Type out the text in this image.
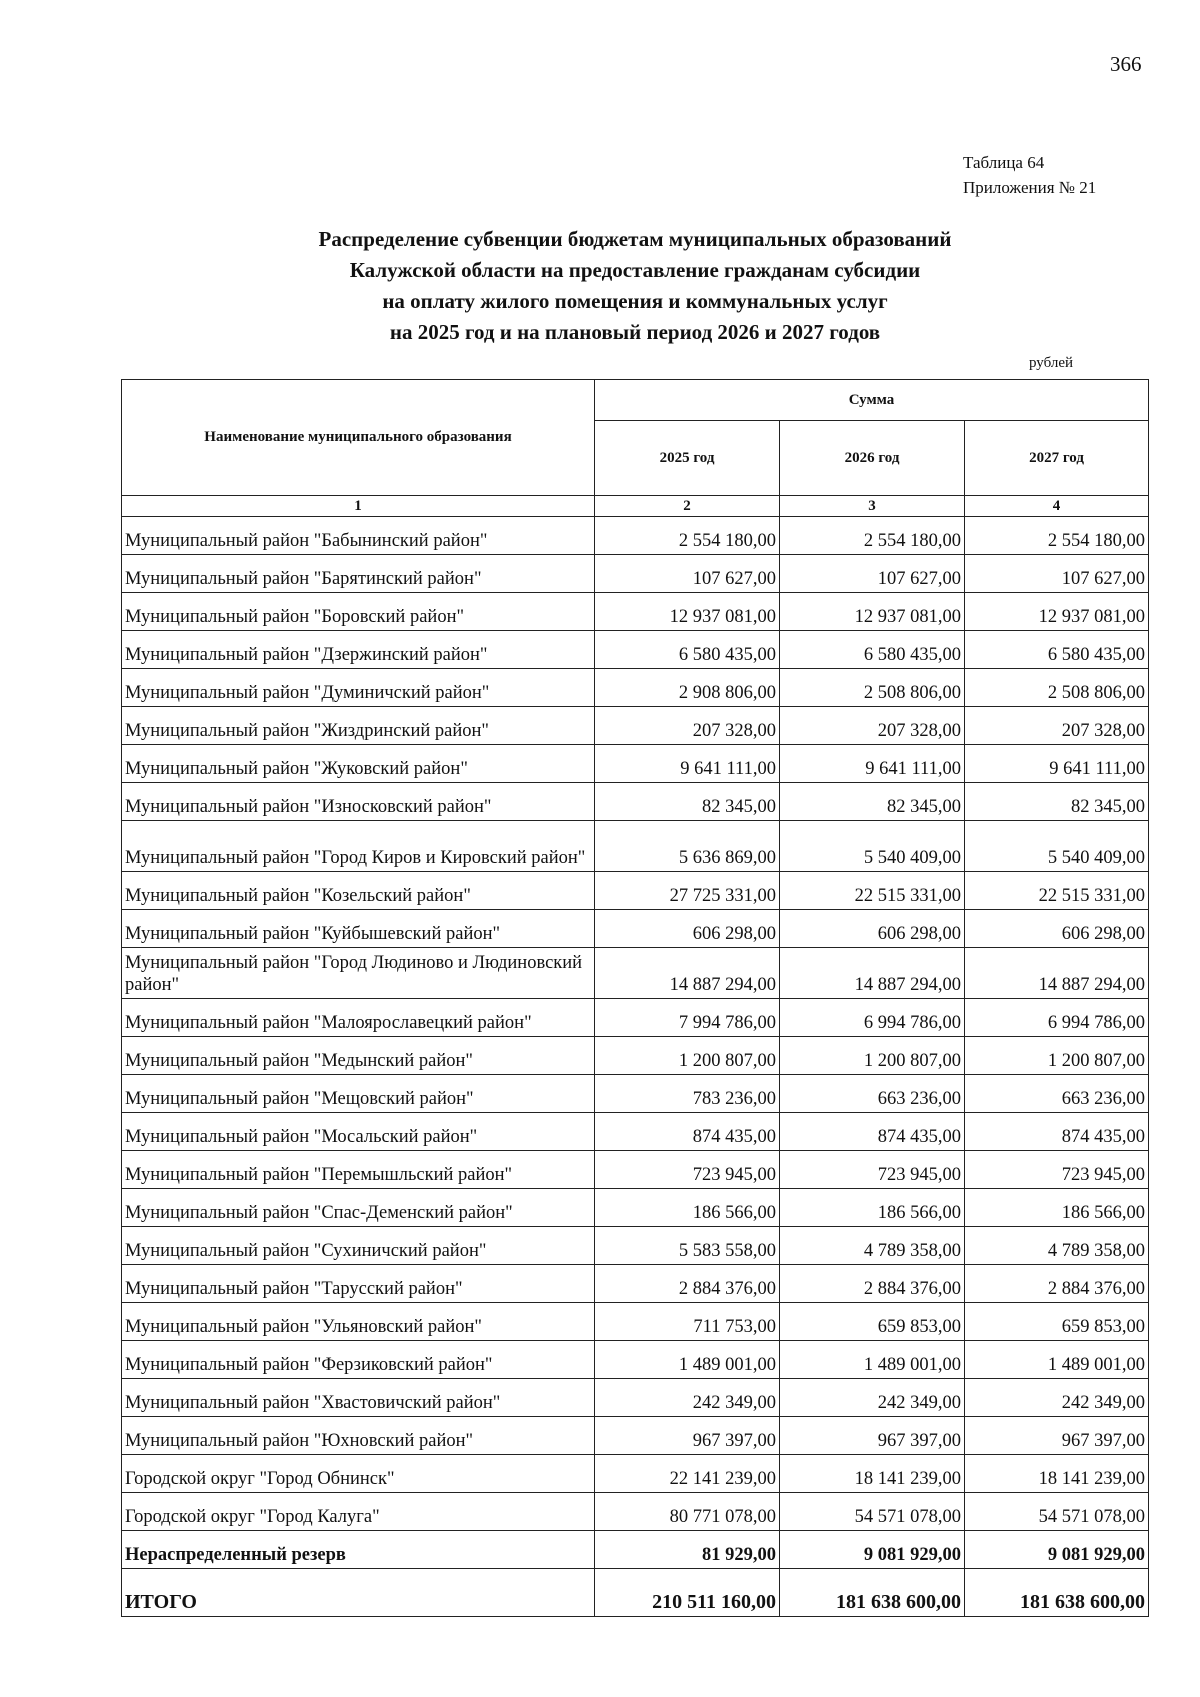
366
Таблица 64
Приложения № 21
Распределение субвенции бюджетам муниципальных образований
Калужской области на предоставление гражданам субсидии
на оплату жилого помещения и коммунальных услуг
на 2025 год и на плановый период 2026 и 2027 годов
рублей
Наименование муниципального образования	Сумма		
	2025 год	2026 год	2027 год
1	2	3	4
Муниципальный район "Бабынинский район"	2 554 180,00	2 554 180,00	2 554 180,00
Муниципальный район "Барятинский район"	107 627,00	107 627,00	107 627,00
Муниципальный район "Боровский район"	12 937 081,00	12 937 081,00	12 937 081,00
Муниципальный район "Дзержинский район"	6 580 435,00	6 580 435,00	6 580 435,00
Муниципальный район "Думиничский район"	2 908 806,00	2 508 806,00	2 508 806,00
Муниципальный район "Жиздринский район"	207 328,00	207 328,00	207 328,00
Муниципальный район "Жуковский район"	9 641 111,00	9 641 111,00	9 641 111,00
Муниципальный район "Износковский район"	82 345,00	82 345,00	82 345,00
Муниципальный район "Город Киров и Кировский район"	5 636 869,00	5 540 409,00	5 540 409,00
Муниципальный район "Козельский район"	27 725 331,00	22 515 331,00	22 515 331,00
Муниципальный район "Куйбышевский район"	606 298,00	606 298,00	606 298,00
Муниципальный район "Город Людиново и Людиновский район"	14 887 294,00	14 887 294,00	14 887 294,00
Муниципальный район "Малоярославецкий район"	7 994 786,00	6 994 786,00	6 994 786,00
Муниципальный район "Медынский район"	1 200 807,00	1 200 807,00	1 200 807,00
Муниципальный район "Мещовский район"	783 236,00	663 236,00	663 236,00
Муниципальный район "Мосальский район"	874 435,00	874 435,00	874 435,00
Муниципальный район "Перемышльский район"	723 945,00	723 945,00	723 945,00
Муниципальный район "Спас-Деменский район"	186 566,00	186 566,00	186 566,00
Муниципальный район "Сухиничский район"	5 583 558,00	4 789 358,00	4 789 358,00
Муниципальный район "Тарусский район"	2 884 376,00	2 884 376,00	2 884 376,00
Муниципальный район "Ульяновский район"	711 753,00	659 853,00	659 853,00
Муниципальный район "Ферзиковский район"	1 489 001,00	1 489 001,00	1 489 001,00
Муниципальный район "Хвастовичский район"	242 349,00	242 349,00	242 349,00
Муниципальный район "Юхновский район"	967 397,00	967 397,00	967 397,00
Городской округ "Город Обнинск"	22 141 239,00	18 141 239,00	18 141 239,00
Городской округ "Город Калуга"	80 771 078,00	54 571 078,00	54 571 078,00
Нераспределенный резерв	81 929,00	9 081 929,00	9 081 929,00
ИТОГО	210 511 160,00	181 638 600,00	181 638 600,00
